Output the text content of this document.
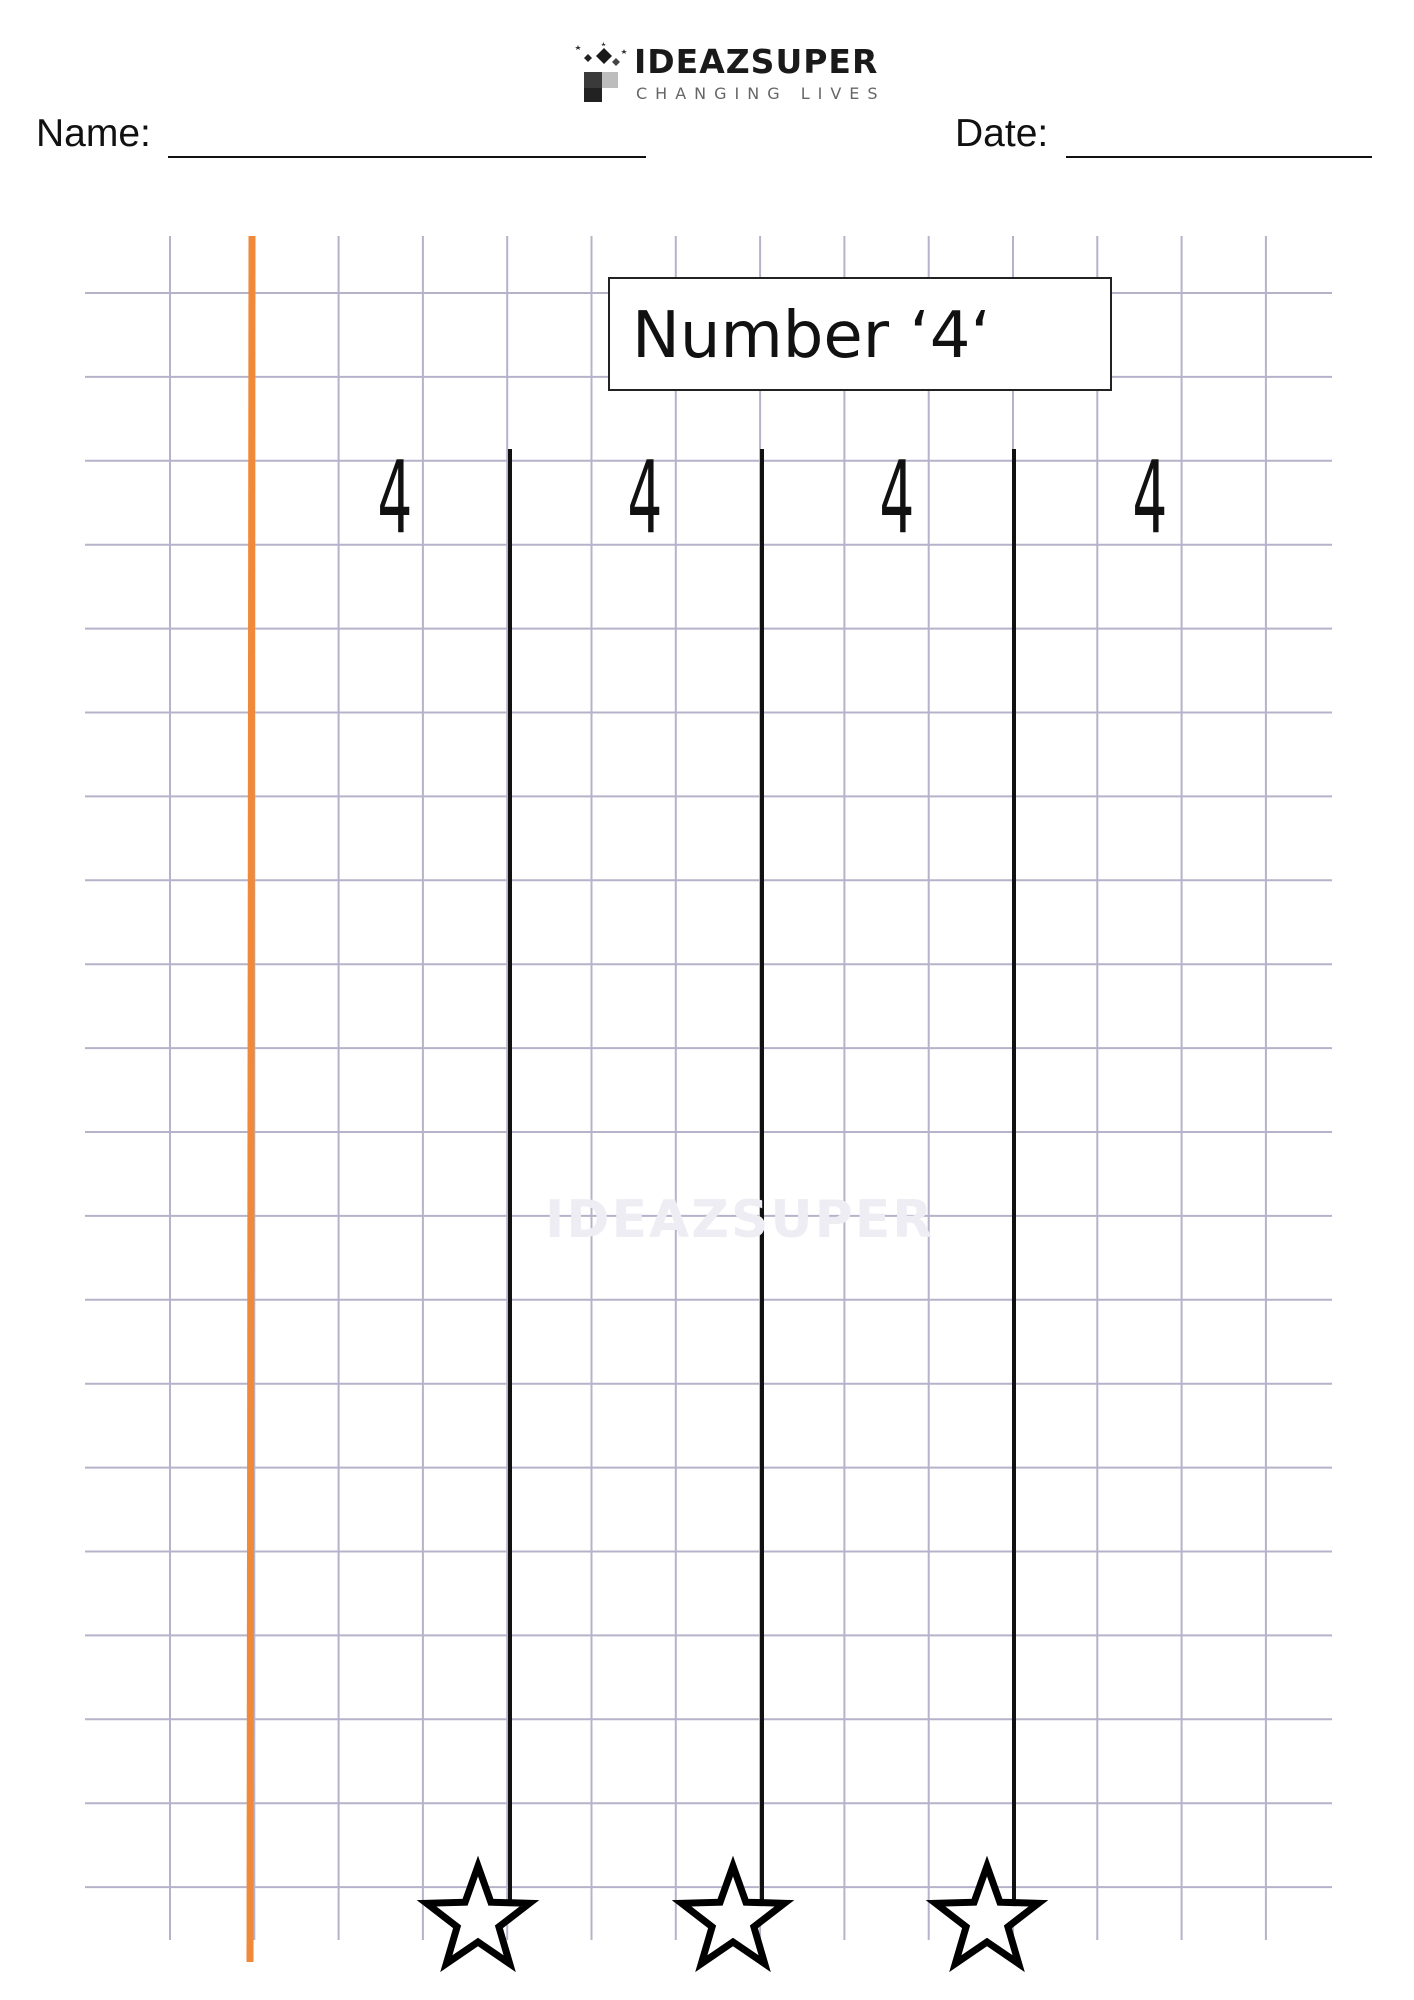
IDEAZSUPER
CHANGING LIVES
Name:	Date:
IDEAZSUPER
Number ‘4‘
4 4 4 4
